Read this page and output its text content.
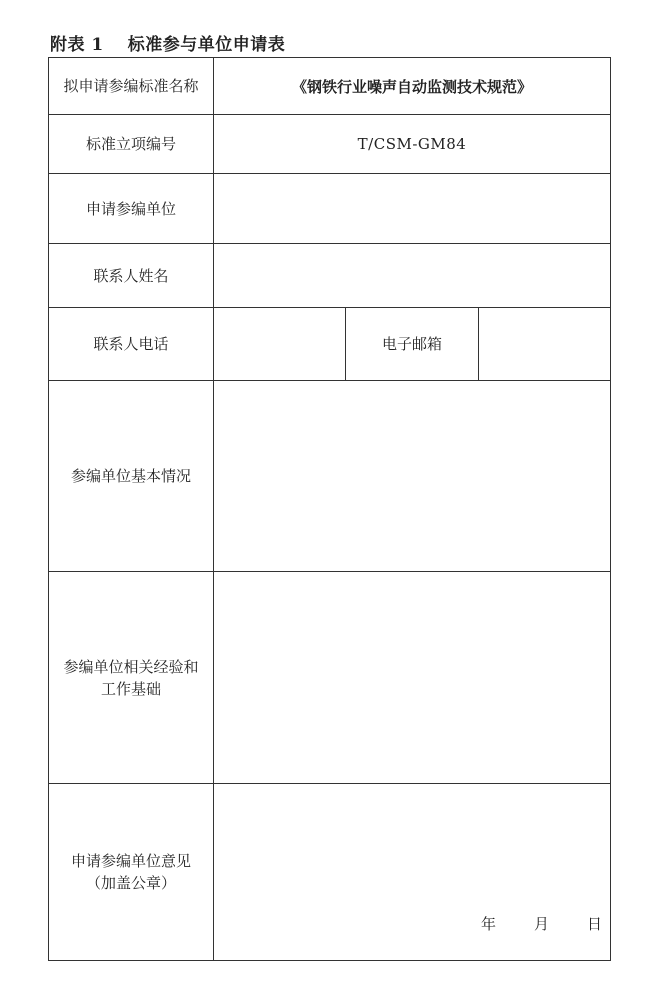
附表 1 标准参与单位申请表
拟申请参编标准名称	《钢铁行业噪声自动监测技术规范》		
标准立项编号	T/CSM-GM84		
申请参编单位			
联系人姓名			
联系人电话		电子邮箱	
参编单位基本情况			

参编单位相关经验和
工作基础			

申请参编单位意见
（加盖公章）	年 月 日		
